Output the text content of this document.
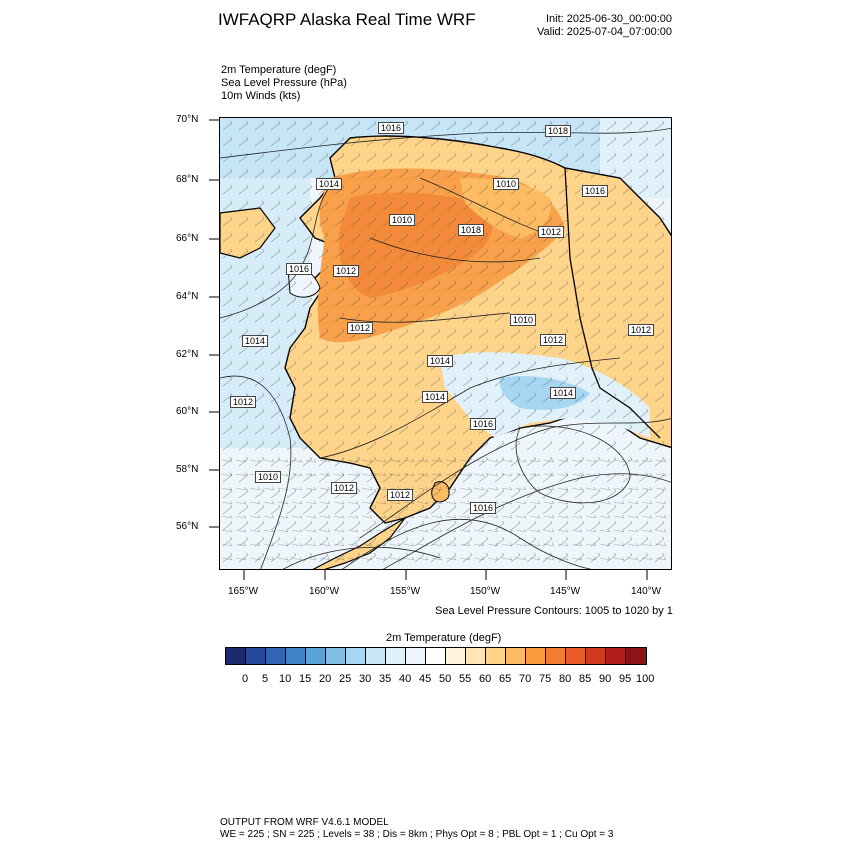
IWFAQRP Alaska Real Time WRF	Init: 2025-06-30_00:00:00
Valid: 2025-07-04_07:00:00
2m Temperature (degF)
Sea Level Pressure (hPa)
10m Winds (kts)
1016	1018
1014	1010
1010
1016
1018	1012
1016	1012
1010
1012
1014
1012
1012
1014
1012	1014	1014
1016
1010
1012
1012
1016
70°N
68°N
66°N
64°N
62°N
60°N
58°N
56°N
165°W	160°W	155°W	150°W	145°W	140°W
Sea Level Pressure Contours: 1005 to 1020 by 1
2m Temperature (degF)
0 5 10 15 20 25 30 35 40 45 50 55 60 65 70 75 80 85 90 95 100
OUTPUT FROM WRF V4.6.1 MODEL
WE = 225 ; SN = 225 ; Levels = 38 ; Dis = 8km ; Phys Opt = 8 ; PBL Opt = 1 ; Cu Opt = 3
